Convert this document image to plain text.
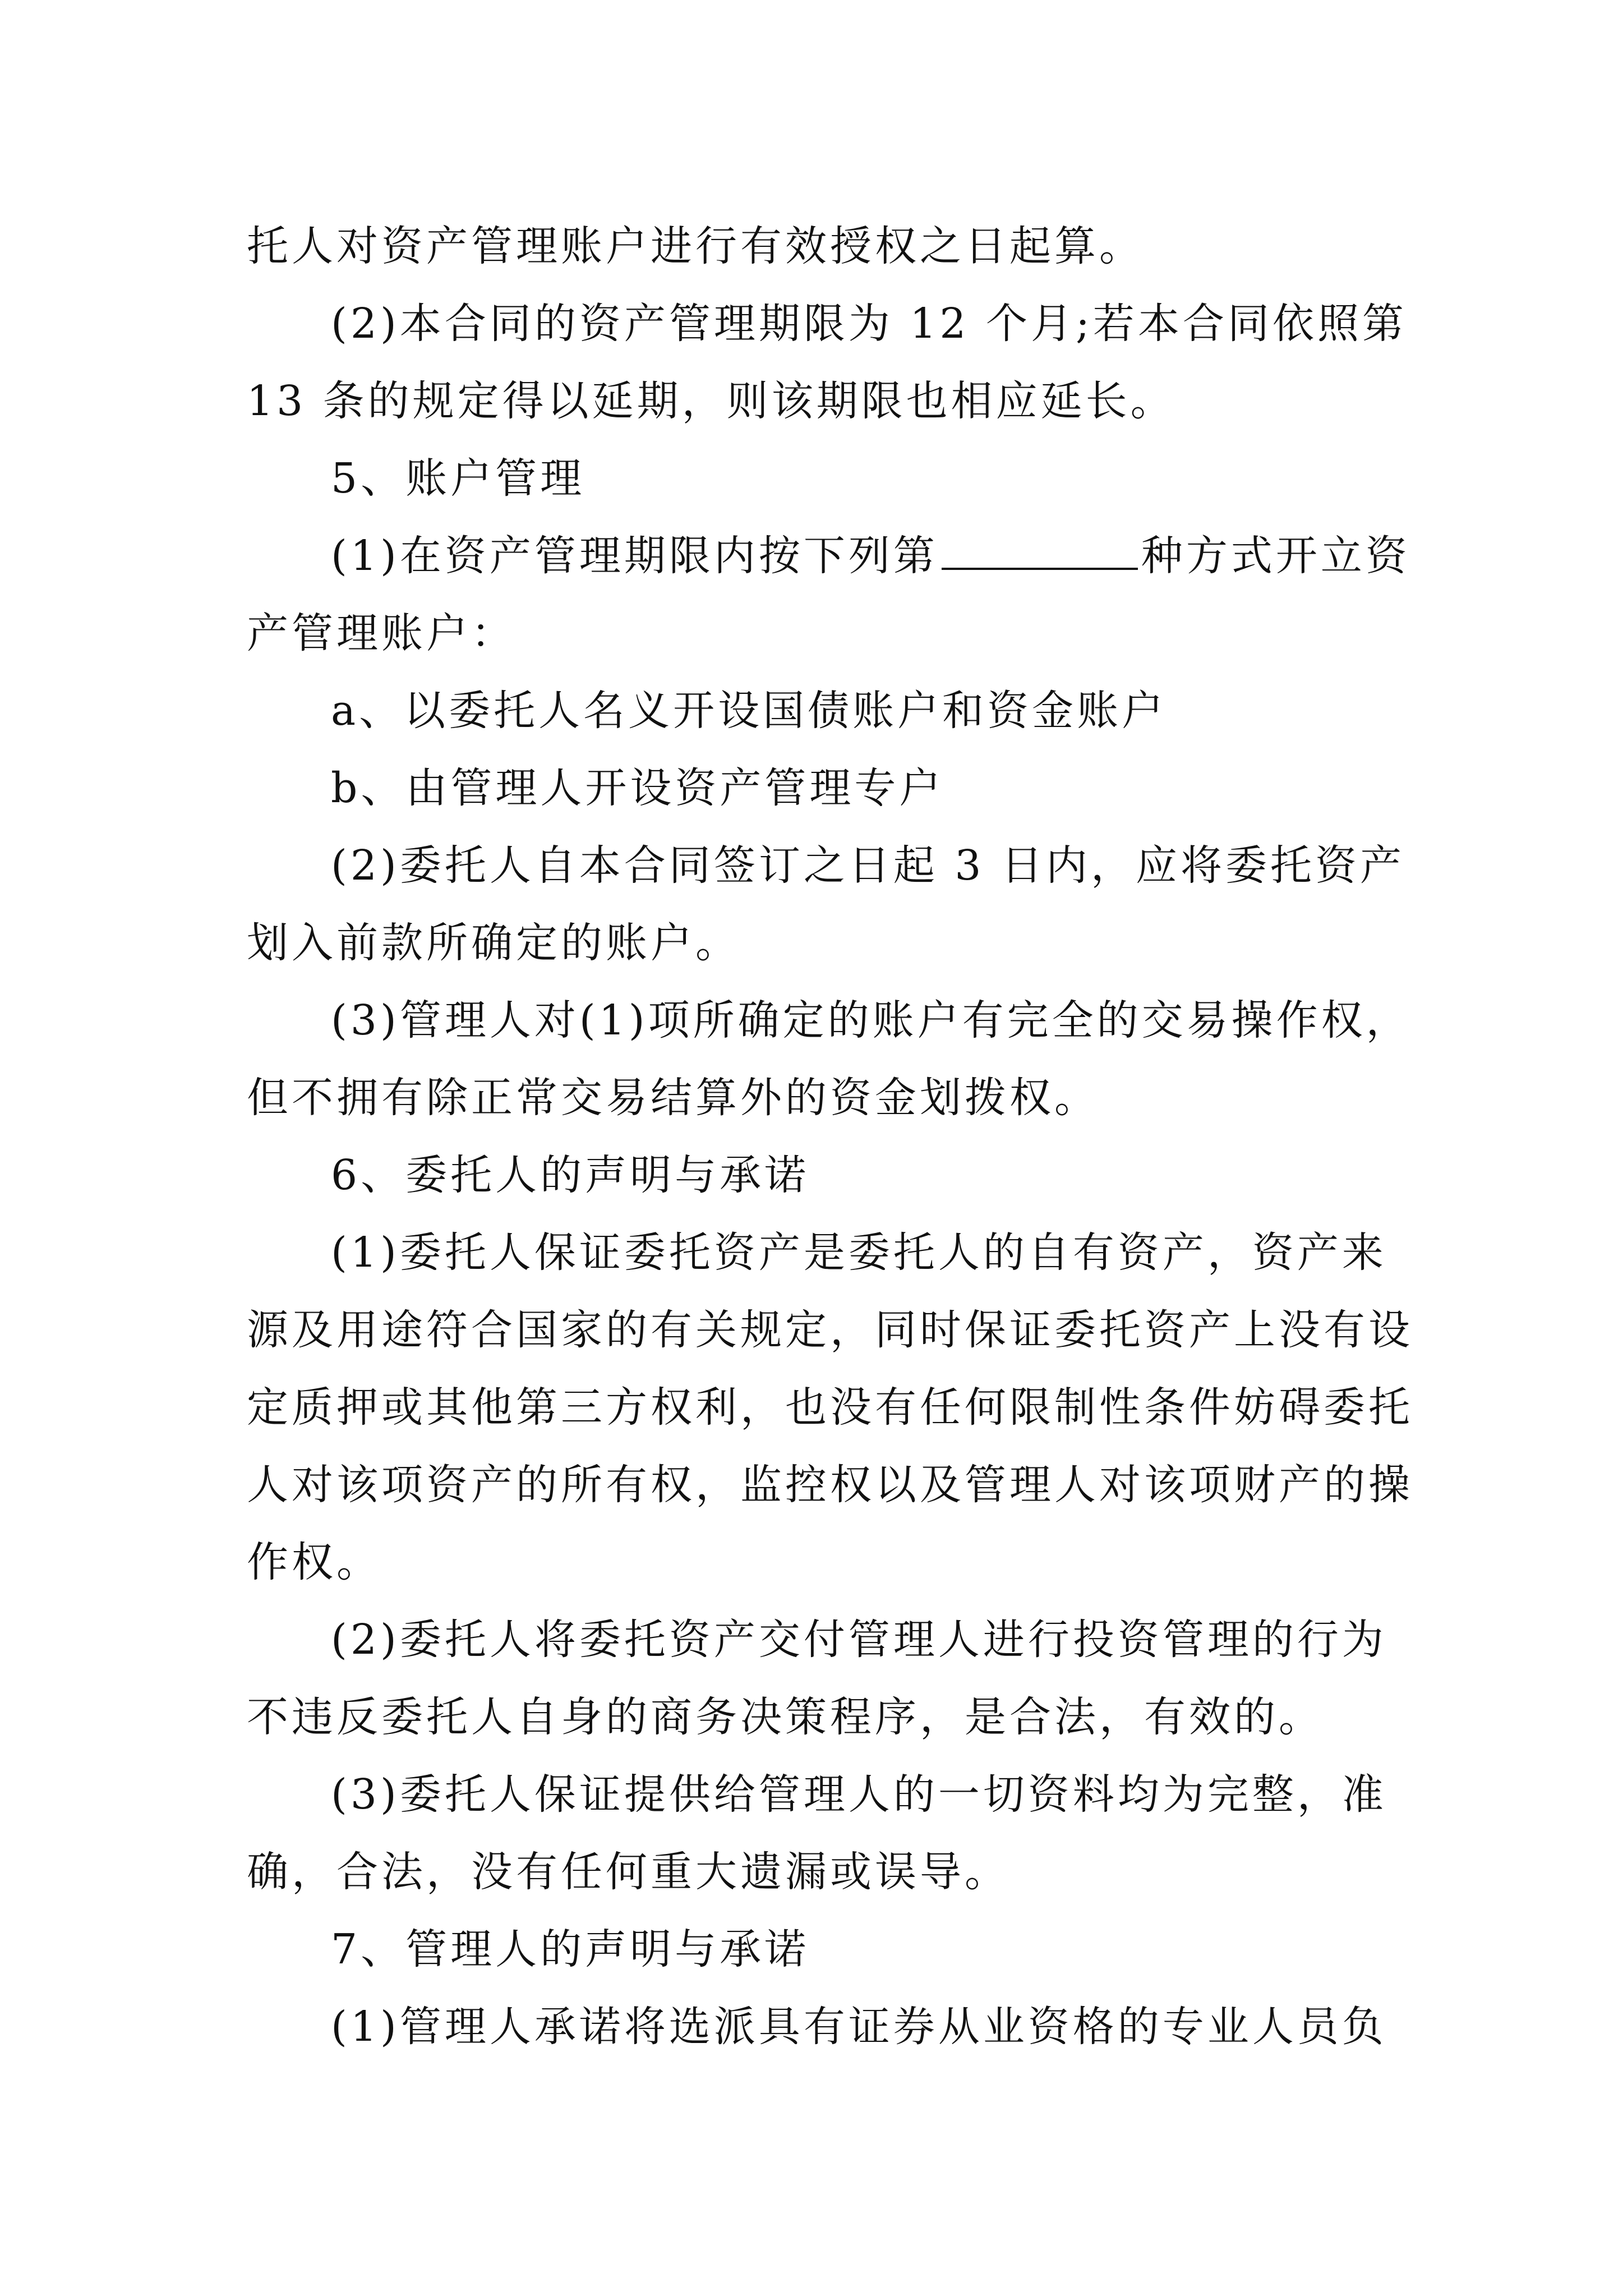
托人对资产管理账户进行有效授权之日起算。

(2)本合同的资产管理期限为 12 个月;若本合同依照第

13 条的规定得以延期，则该期限也相应延长。

5、账户管理

(1)在资产管理期限内按下列第	种方式开立资

产管理账户：

a、以委托人名义开设国债账户和资金账户

b、由管理人开设资产管理专户

(2)委托人自本合同签订之日起 3 日内，应将委托资产

划入前款所确定的账户。

(3)管理人对(1)项所确定的账户有完全的交易操作权，

但不拥有除正常交易结算外的资金划拨权。

6、委托人的声明与承诺

(1)委托人保证委托资产是委托人的自有资产，资产来

源及用途符合国家的有关规定，同时保证委托资产上没有设

定质押或其他第三方权利，也没有任何限制性条件妨碍委托

人对该项资产的所有权，监控权以及管理人对该项财产的操

作权。

(2)委托人将委托资产交付管理人进行投资管理的行为

不违反委托人自身的商务决策程序，是合法，有效的。

(3)委托人保证提供给管理人的一切资料均为完整，准

确，合法，没有任何重大遗漏或误导。

7、管理人的声明与承诺

(1)管理人承诺将选派具有证券从业资格的专业人员负
